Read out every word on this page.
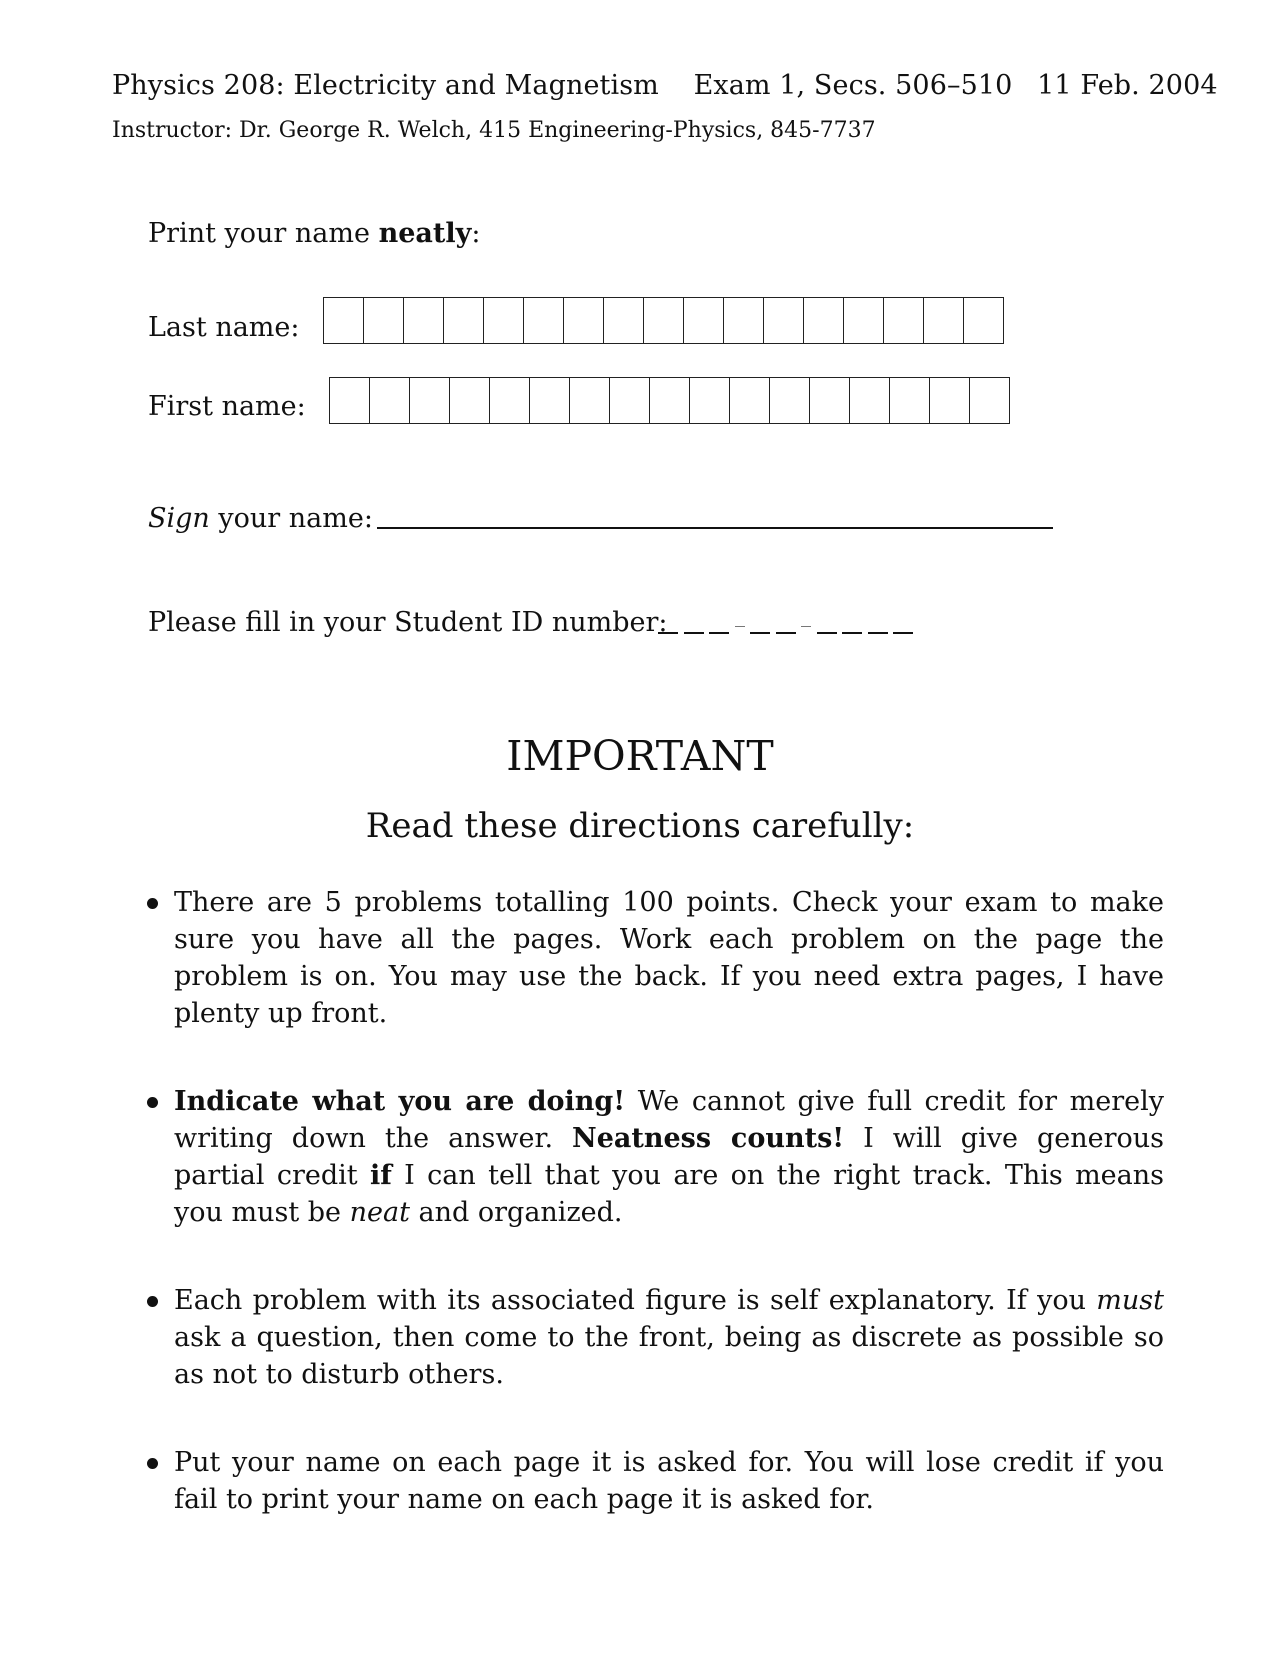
Physics 208: Electricity and Magnetism Exam 1, Secs. 506–510 11 Feb. 2004
Instructor: Dr. George R. Welch, 415 Engineering-Physics, 845-7737
Print your name neatly:
Last name:
First name:
Sign your name:
Please fill in your Student ID number:
IMPORTANT
Read these directions carefully:
There are 5 problems totalling 100 points. Check your exam to make sure you have all the pages. Work each problem on the page the problem is on. You may use the back. If you need extra pages, I have plenty up front.
Indicate what you are doing! We cannot give full credit for merely writing down the answer. Neatness counts! I will give generous partial credit if I can tell that you are on the right track. This means you must be neat and organized.
Each problem with its associated figure is self explanatory. If you must ask a question, then come to the front, being as discrete as possible so as not to disturb others.
Put your name on each page it is asked for. You will lose credit if you fail to print your name on each page it is asked for.
